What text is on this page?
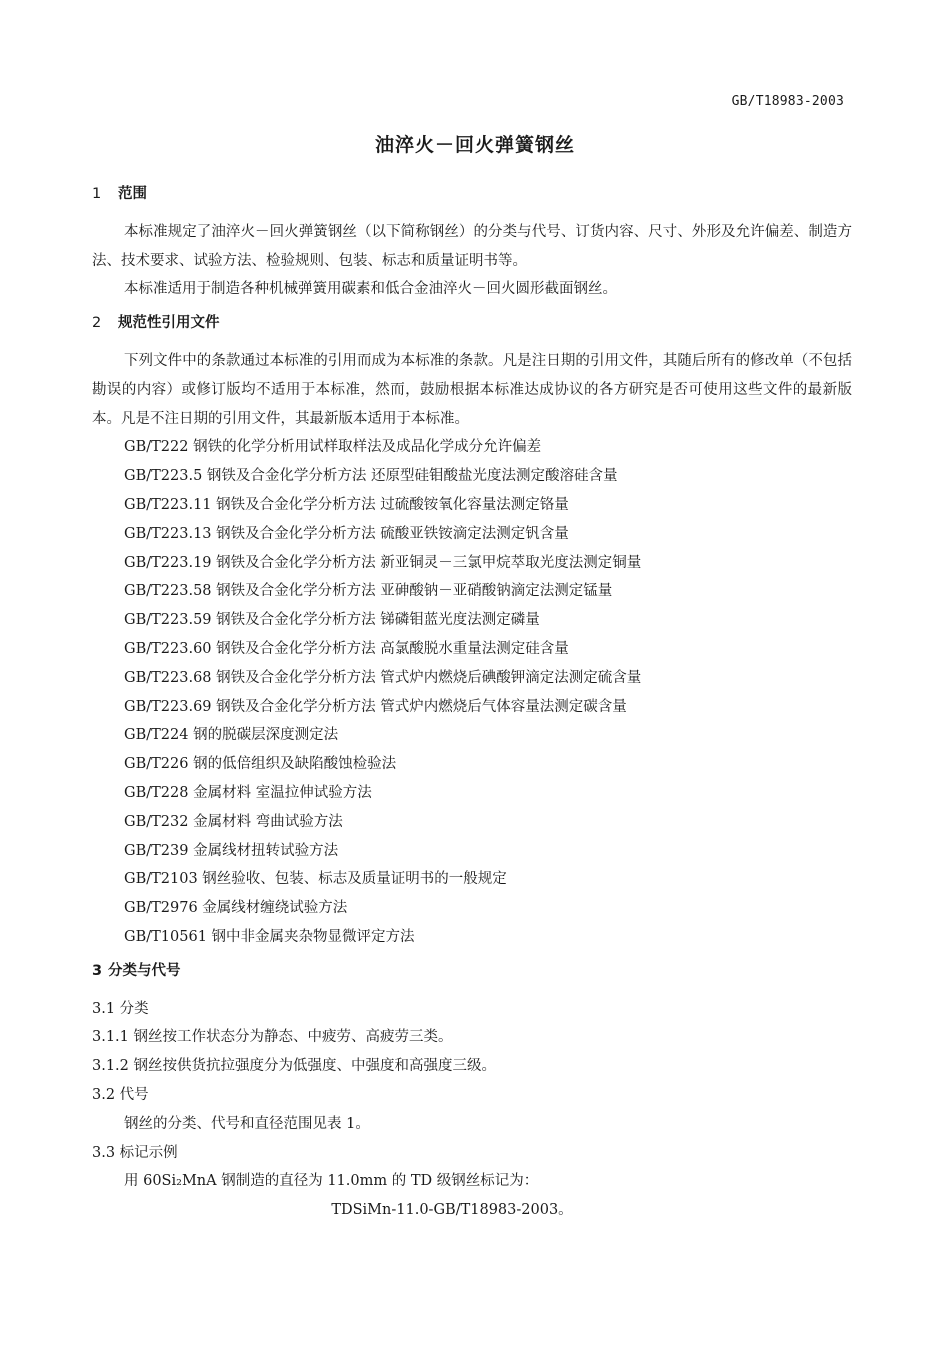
GB/T18983-2003
油淬火－回火弹簧钢丝
1 范围

本标准规定了油淬火－回火弹簧钢丝（以下简称钢丝）的分类与代号、订货内容、尺寸、外形及允许偏差、制造方法、技术要求、试验方法、检验规则、包装、标志和质量证明书等。

本标准适用于制造各种机械弹簧用碳素和低合金油淬火－回火圆形截面钢丝。

2 规范性引用文件

下列文件中的条款通过本标准的引用而成为本标准的条款。凡是注日期的引用文件，其随后所有的修改单（不包括勘误的内容）或修订版均不适用于本标准，然而，鼓励根据本标准达成协议的各方研究是否可使用这些文件的最新版本。凡是不注日期的引用文件，其最新版本适用于本标准。

GB/T222 钢铁的化学分析用试样取样法及成品化学成分允许偏差

GB/T223.5 钢铁及合金化学分析方法 还原型硅钼酸盐光度法测定酸溶硅含量

GB/T223.11 钢铁及合金化学分析方法 过硫酸铵氧化容量法测定铬量

GB/T223.13 钢铁及合金化学分析方法 硫酸亚铁铵滴定法测定钒含量

GB/T223.19 钢铁及合金化学分析方法 新亚铜灵－三氯甲烷萃取光度法测定铜量

GB/T223.58 钢铁及合金化学分析方法 亚砷酸钠－亚硝酸钠滴定法测定锰量

GB/T223.59 钢铁及合金化学分析方法 锑磷钼蓝光度法测定磷量

GB/T223.60 钢铁及合金化学分析方法 高氯酸脱水重量法测定硅含量

GB/T223.68 钢铁及合金化学分析方法 管式炉内燃烧后碘酸钾滴定法测定硫含量

GB/T223.69 钢铁及合金化学分析方法 管式炉内燃烧后气体容量法测定碳含量

GB/T224 钢的脱碳层深度测定法

GB/T226 钢的低倍组织及缺陷酸蚀检验法

GB/T228 金属材料 室温拉伸试验方法

GB/T232 金属材料 弯曲试验方法

GB/T239 金属线材扭转试验方法

GB/T2103 钢丝验收、包装、标志及质量证明书的一般规定

GB/T2976 金属线材缠绕试验方法

GB/T10561 钢中非金属夹杂物显微评定方法

3 分类与代号

3.1 分类

3.1.1 钢丝按工作状态分为静态、中疲劳、高疲劳三类。

3.1.2 钢丝按供货抗拉强度分为低强度、中强度和高强度三级。

3.2 代号

钢丝的分类、代号和直径范围见表 1。

3.3 标记示例

用 60Si₂MnA 钢制造的直径为 11.0mm 的 TD 级钢丝标记为：

TDSiMn-11.0-GB/T18983-2003。
